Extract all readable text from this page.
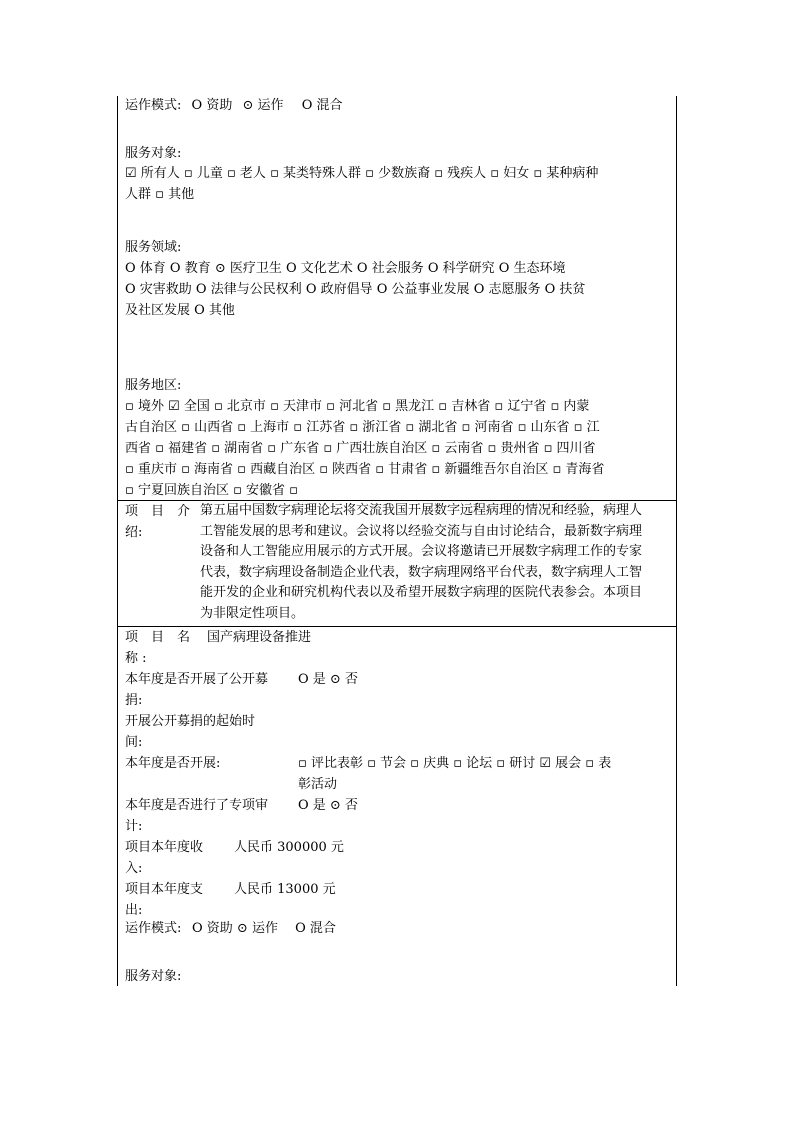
运作模式: O 资助 ⊙ 运作 O 混合
服务对象:
☑ 所有人 ▫ 儿童 ▫ 老人 ▫ 某类特殊人群 ▫ 少数族裔 ▫ 残疾人 ▫ 妇女 ▫ 某种病种
人群 ▫ 其他
服务领域:
O 体育 O 教育 ⊙ 医疗卫生 O 文化艺术 O 社会服务 O 科学研究 O 生态环境
O 灾害救助 O 法律与公民权利 O 政府倡导 O 公益事业发展 O 志愿服务 O 扶贫
及社区发展 O 其他
服务地区:
▫ 境外 ☑ 全国 ▫ 北京市 ▫ 天津市 ▫ 河北省 ▫ 黑龙江 ▫ 吉林省 ▫ 辽宁省 ▫ 内蒙
古自治区 ▫ 山西省 ▫ 上海市 ▫ 江苏省 ▫ 浙江省 ▫ 湖北省 ▫ 河南省 ▫ 山东省 ▫ 江
西省 ▫ 福建省 ▫ 湖南省 ▫ 广东省 ▫ 广西壮族自治区 ▫ 云南省 ▫ 贵州省 ▫ 四川省
▫ 重庆市 ▫ 海南省 ▫ 西藏自治区 ▫ 陕西省 ▫ 甘肃省 ▫ 新疆维吾尔自治区 ▫ 青海省
▫ 宁夏回族自治区 ▫ 安徽省 ▫
项　目　介
绍:
第五届中国数字病理论坛将交流我国开展数字远程病理的情况和经验，病理人
工智能发展的思考和建议。会议将以经验交流与自由讨论结合，最新数字病理
设备和人工智能应用展示的方式开展。会议将邀请已开展数字病理工作的专家
代表，数字病理设备制造企业代表，数字病理网络平台代表，数字病理人工智
能开发的企业和研究机构代表以及希望开展数字病理的医院代表参会。本项目
为非限定性项目。
项　目　名 国产病理设备推进
称 :
本年度是否开展了公开募 O 是 ⊙ 否
捐:
开展公开募捐的起始时
间:
本年度是否开展:	▫ 评比表彰 ▫ 节会 ▫ 庆典 ▫ 论坛 ▫ 研讨 ☑ 展会 ▫ 表
彰活动
本年度是否进行了专项审 O 是 ⊙ 否
计:
项目本年度收 人民币 300000 元
入:
项目本年度支 人民币 13000 元
出:
运作模式: O 资助 ⊙ 运作 　O 混合
服务对象:
